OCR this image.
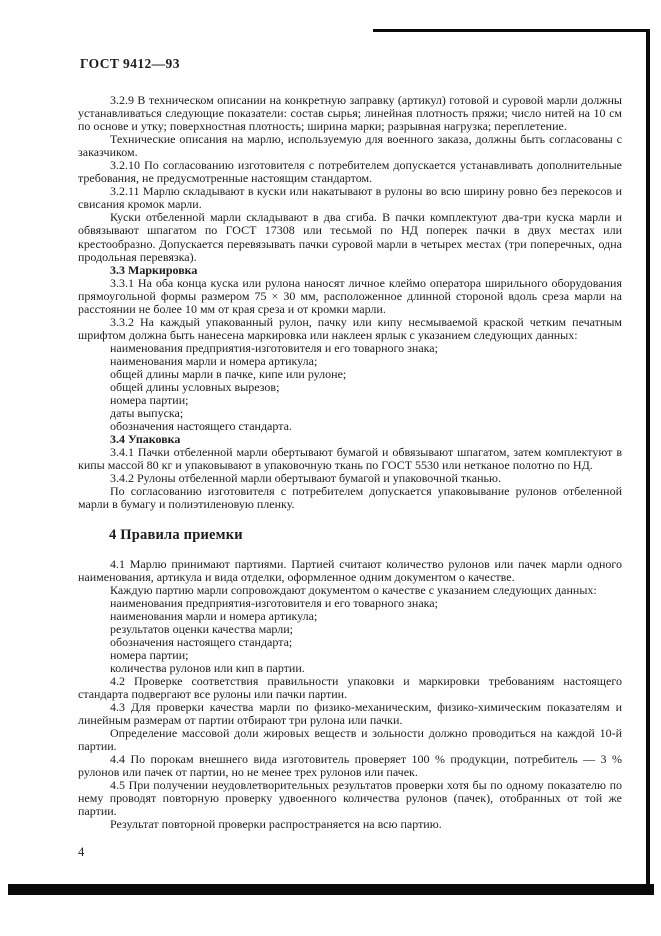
ГОСТ 9412—93

3.2.9 В техническом описании на конкретную заправку (артикул) готовой и суровой марли должны устанавливаться следующие показатели: состав сырья; линейная плотность пряжи; число нитей на 10 см по основе и утку; поверхностная плотность; ширина марки; разрывная нагрузка; переплетение.

Технические описания на марлю, используемую для военного заказа, должны быть согласованы с заказчиком.

3.2.10 По согласованию изготовителя с потребителем допускается устанавливать дополнительные требования, не предусмотренные настоящим стандартом.

3.2.11 Марлю складывают в куски или накатывают в рулоны во всю ширину ровно без перекосов и свисания кромок марли.

Куски отбеленной марли складывают в два сгиба. В пачки комплектуют два-три куска марли и обвязывают шпагатом по ГОСТ 17308 или тесьмой по НД поперек пачки в двух местах или крестообразно. Допускается перевязывать пачки суровой марли в четырех местах (три поперечных, одна продольная перевязка).

3.3 Маркировка

3.3.1 На оба конца куска или рулона наносят личное клеймо оператора ширильного оборудования прямоугольной формы размером 75 × 30 мм, расположенное длинной стороной вдоль среза марли на расстоянии не более 10 мм от края среза и от кромки марли.

3.3.2 На каждый упакованный рулон, пачку или кипу несмываемой краской четким печатным шрифтом должна быть нанесена маркировка или наклеен ярлык с указанием следующих данных:

наименования предприятия-изготовителя и его товарного знака;

наименования марли и номера артикула;

общей длины марли в пачке, кипе или рулоне;

общей длины условных вырезов;

номера партии;

даты выпуска;

обозначения настоящего стандарта.

3.4 Упаковка

3.4.1 Пачки отбеленной марли обертывают бумагой и обвязывают шпагатом, затем комплектуют в кипы массой 80 кг и упаковывают в упаковочную ткань по ГОСТ 5530 или нетканое полотно по НД.

3.4.2 Рулоны отбеленной марли обертывают бумагой и упаковочной тканью.

По согласованию изготовителя с потребителем допускается упаковывание рулонов отбеленной марли в бумагу и полиэтиленовую пленку.

4 Правила приемки

4.1 Марлю принимают партиями. Партией считают количество рулонов или пачек марли одного наименования, артикула и вида отделки, оформленное одним документом о качестве.

Каждую партию марли сопровождают документом о качестве с указанием следующих данных:

наименования предприятия-изготовителя и его товарного знака;

наименования марли и номера артикула;

результатов оценки качества марли;

обозначения настоящего стандарта;

номера партии;

количества рулонов или кип в партии.

4.2 Проверке соответствия правильности упаковки и маркировки требованиям настоящего стандарта подвергают все рулоны или пачки партии.

4.3 Для проверки качества марли по физико-механическим, физико-химическим показателям и линейным размерам от партии отбирают три рулона или пачки.

Определение массовой доли жировых веществ и зольности должно проводиться на каждой 10-й партии.

4.4 По порокам внешнего вида изготовитель проверяет 100 % продукции, потребитель — 3 % рулонов или пачек от партии, но не менее трех рулонов или пачек.

4.5 При получении неудовлетворительных результатов проверки хотя бы по одному показателю по нему проводят повторную проверку удвоенного количества рулонов (пачек), отобранных от той же партии.

Результат повторной проверки распространяется на всю партию.

4
